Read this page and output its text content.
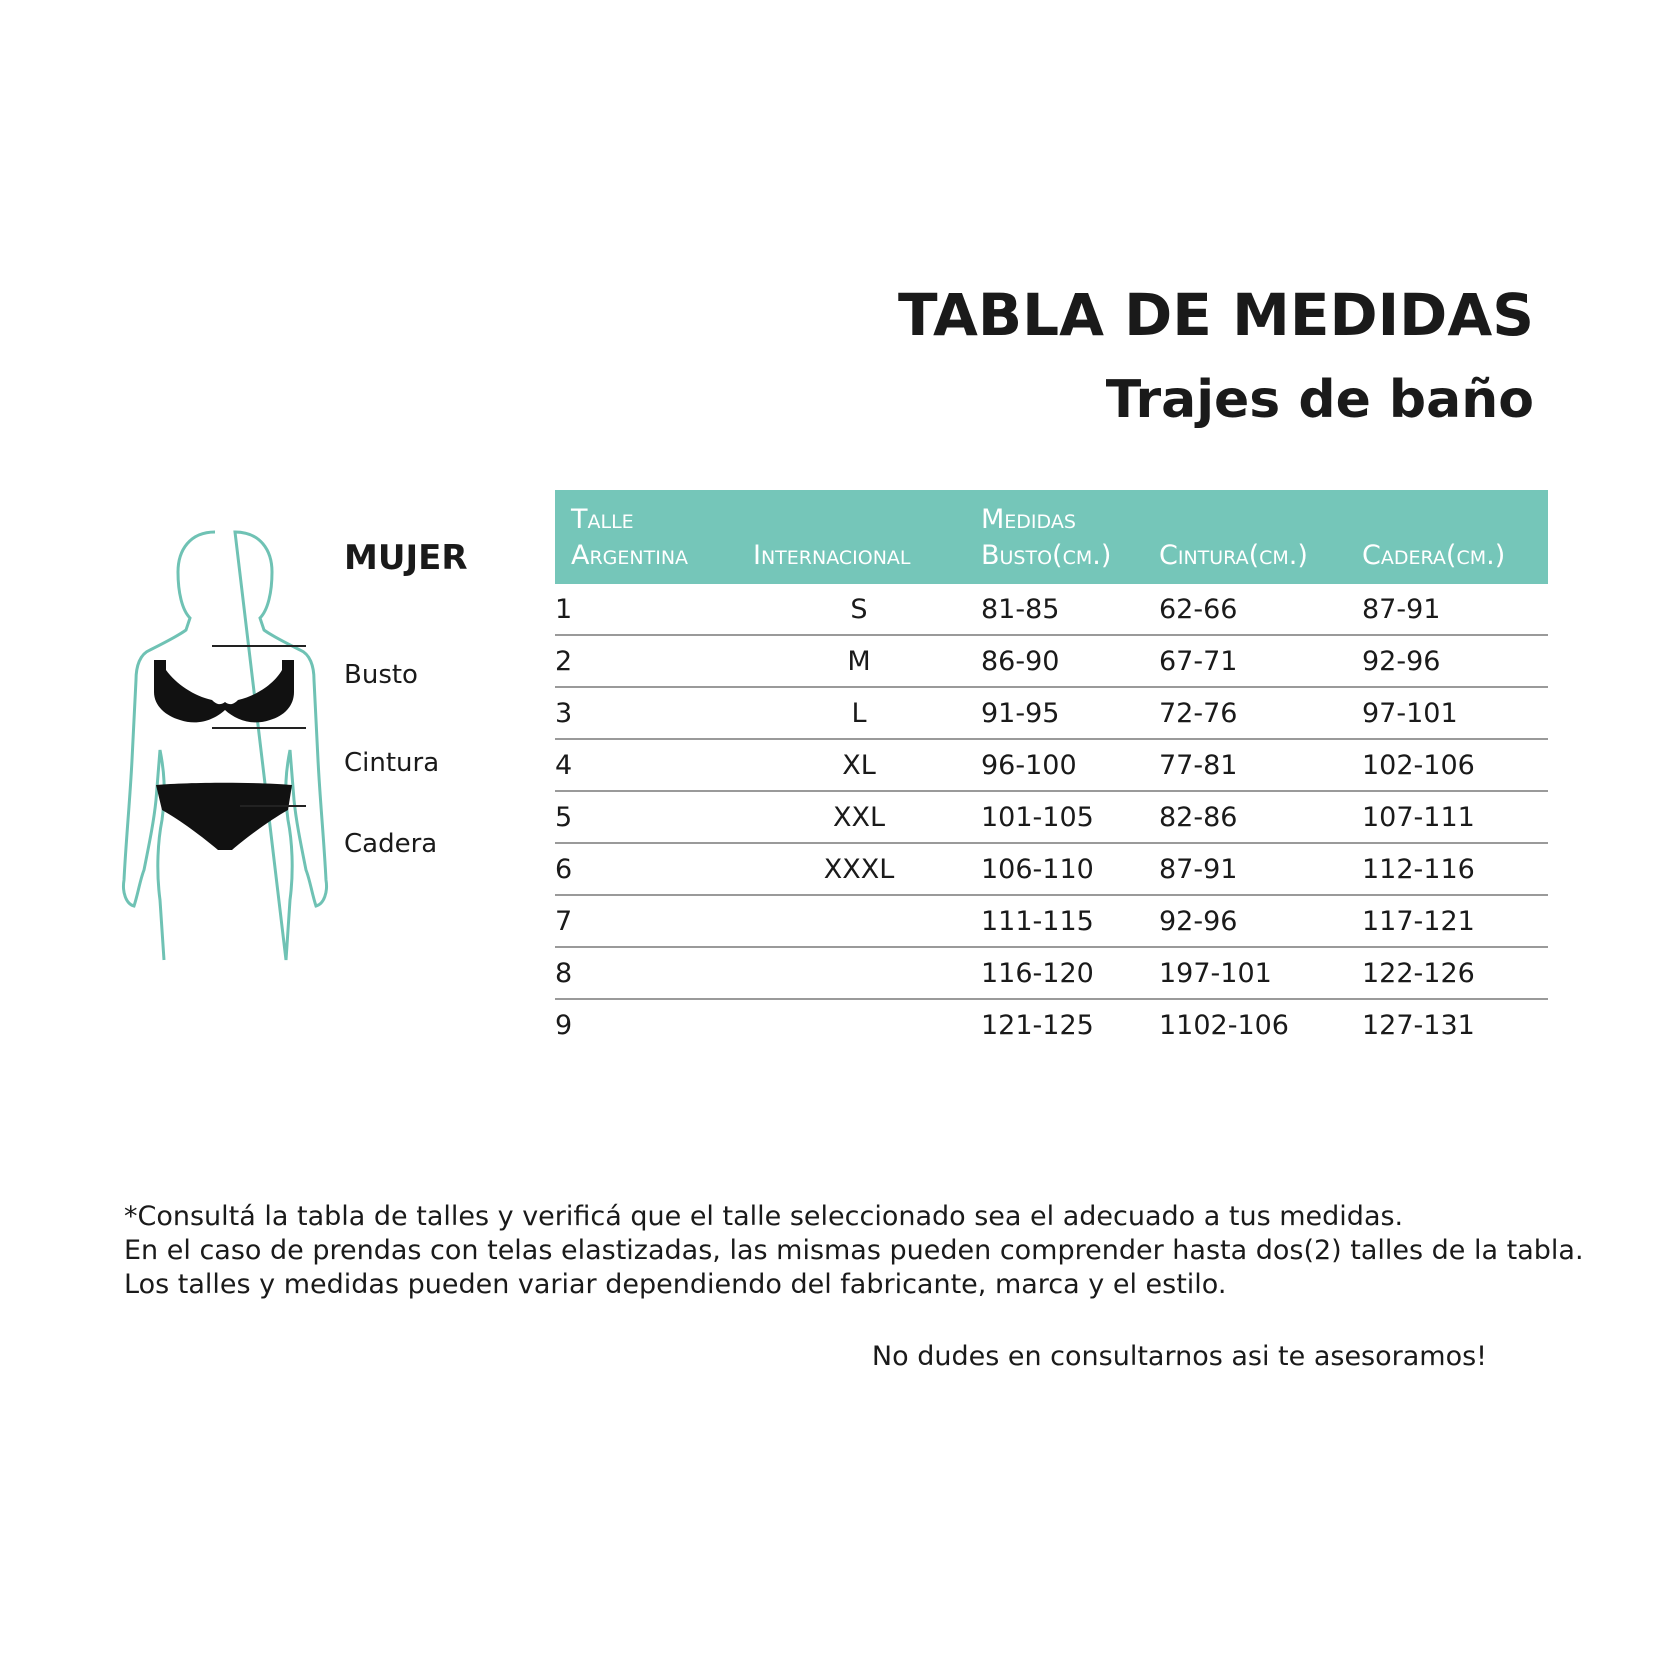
TABLA DE MEDIDAS
Trajes de baño
MUJER
Busto
Cintura
Cadera
Talle
Argentina	Internacional	Medidas
Busto(cm.)	Cintura(cm.)	Cadera(cm.)
1	S	81-85	62-66	87-91
2	M	86-90	67-71	92-96
3	L	91-95	72-76	97-101
4	XL	96-100	77-81	102-106
5	XXL	101-105	82-86	107-111
6	XXXL	106-110	87-91	112-116
7		111-115	92-96	117-121
8		116-120	197-101	122-126
9		121-125	1102-106	127-131
*Consultá la tabla de talles y verificá que el talle seleccionado sea el adecuado a tus medidas.
En el caso de prendas con telas elastizadas, las mismas pueden comprender hasta dos(2) talles de la tabla.
Los talles y medidas pueden variar dependiendo del fabricante, marca y el estilo.
No dudes en consultarnos asi te asesoramos!
